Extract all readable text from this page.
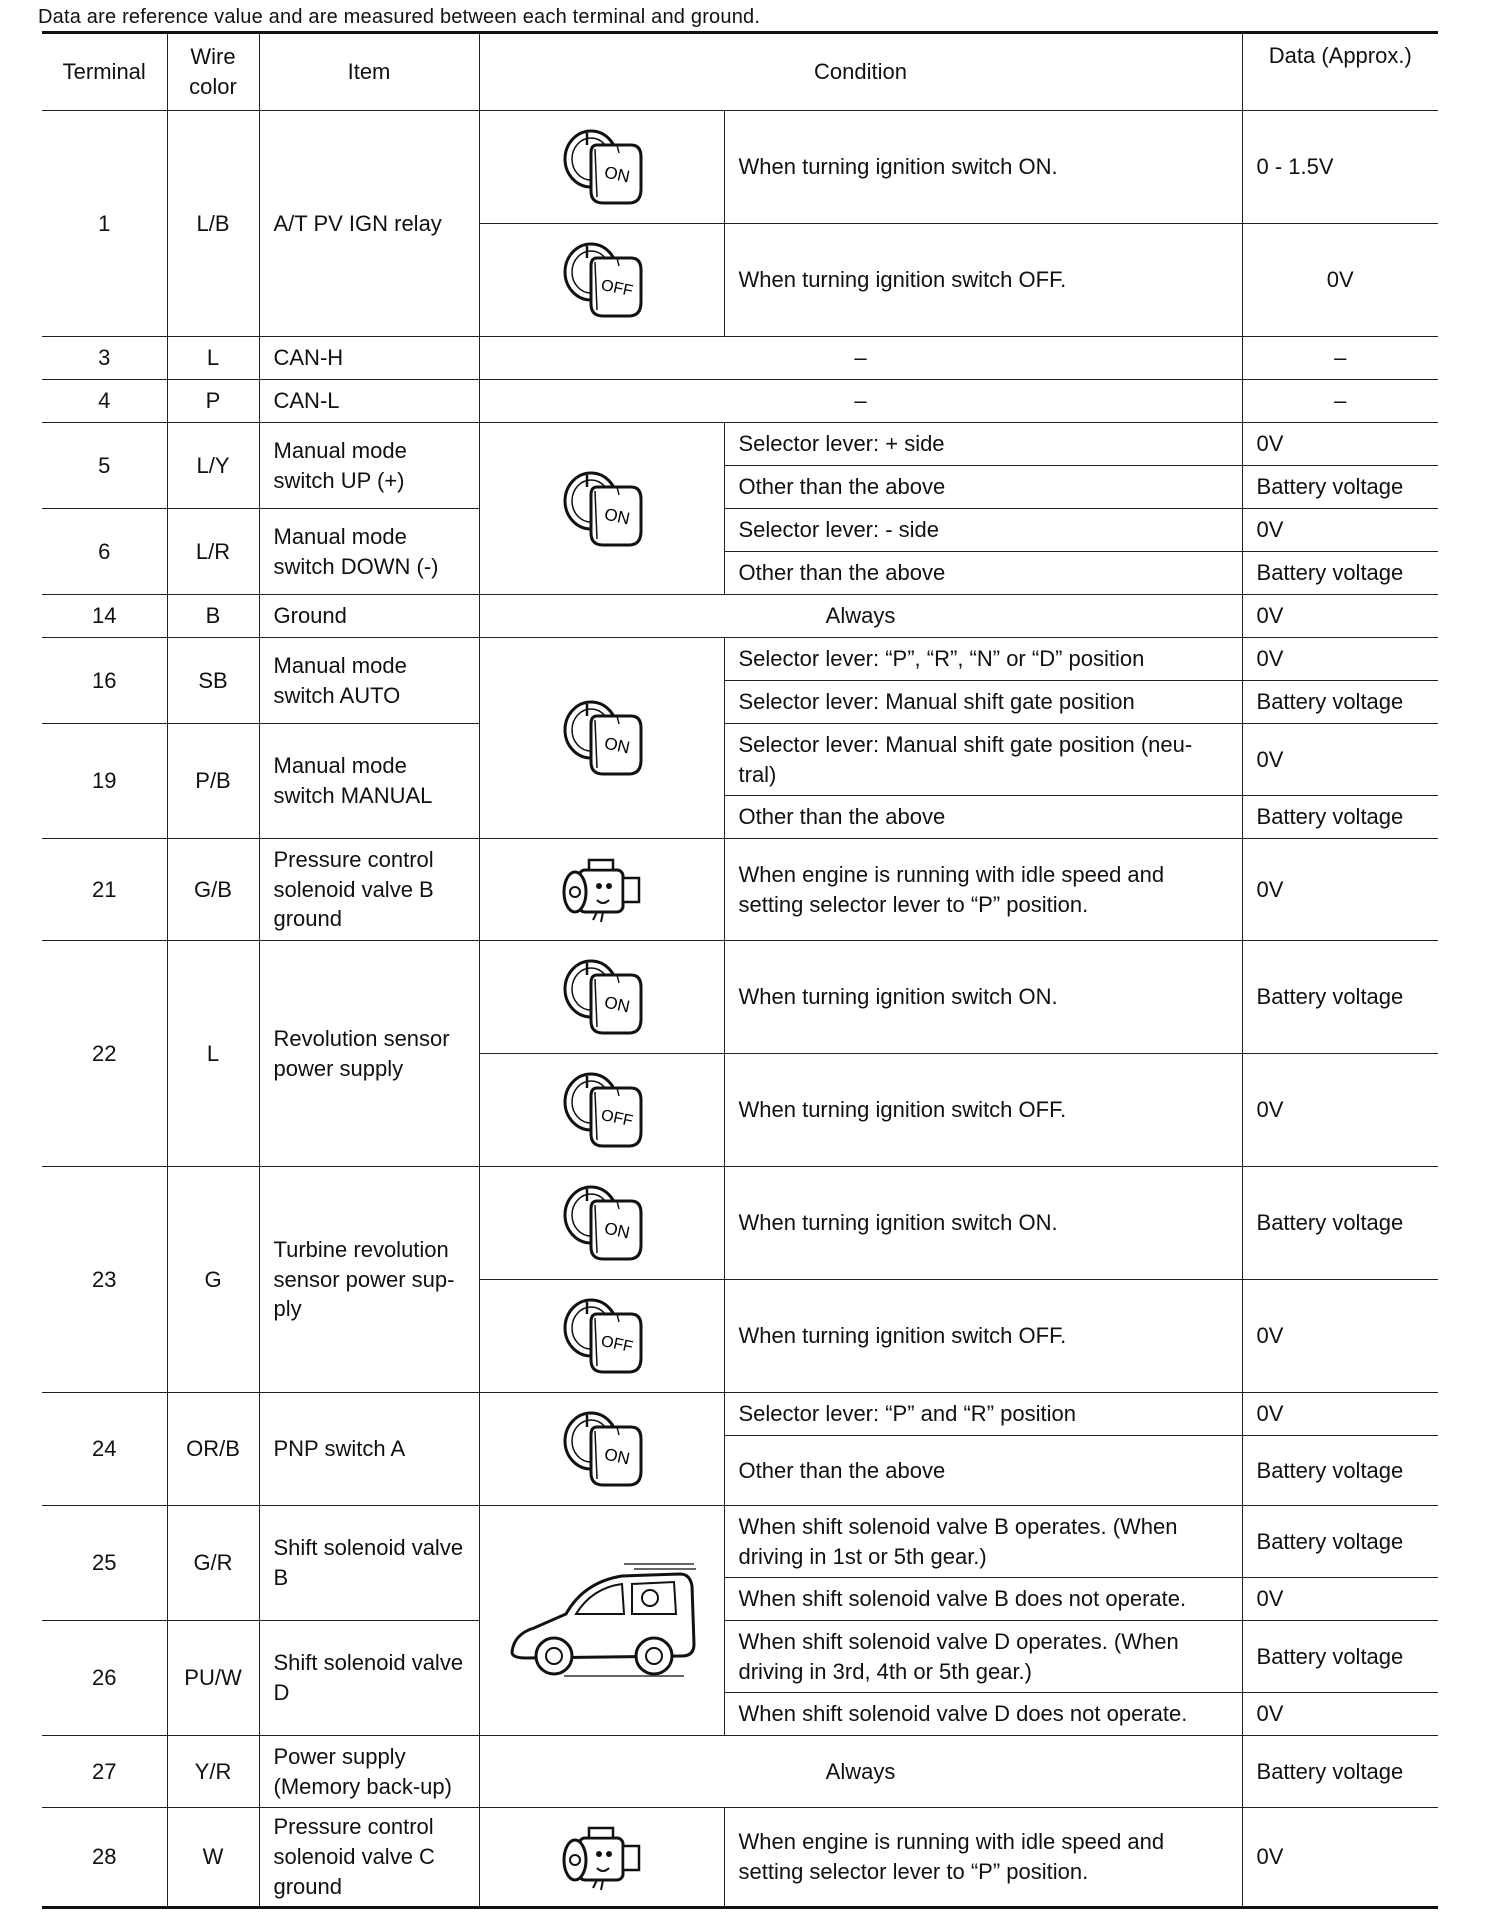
Data are reference value and are measured between each terminal and ground.
Terminal	Wire color	Item	Condition		Data (Approx.)
1	L/B	A/T PV IGN relay	ON	When turning ignition switch ON.	0 - 1.5V

OFF	When turning ignition switch OFF.	0V
3	L	CAN-H	–		–
4	P	CAN-L	–		–
5	L/Y	Manual mode switch UP (+)	ON	Selector lever: + side	0V
				Other than the above	Battery voltage
6	L/R	Manual mode switch DOWN (-)		Selector lever: - side	0V
				Other than the above	Battery voltage
14	B	Ground	Always		0V
16	SB	Manual mode switch AUTO	ON	Selector lever: “P”, “R”, “N” or “D” position	0V
				Selector lever: Manual shift gate position	Battery voltage
19	P/B	Manual mode switch MANUAL		Selector lever: Manual shift gate position (neu-tral)	0V
				Other than the above	Battery voltage
21	G/B	Pressure control solenoid valve B ground		When engine is running with idle speed and setting selector lever to “P” position.	0V
22	L	Revolution sensor power supply	ON	When turning ignition switch ON.	Battery voltage

OFF	When turning ignition switch OFF.	0V
23	G	Turbine revolution sensor power sup-ply	ON	When turning ignition switch ON.	Battery voltage

OFF	When turning ignition switch OFF.	0V
24	OR/B	PNP switch A	ON	Selector lever: “P” and “R” position	0V
				Other than the above	Battery voltage
25	G/R	Shift solenoid valve B		When shift solenoid valve B operates. (When driving in 1st or 5th gear.)	Battery voltage
				When shift solenoid valve B does not operate.	0V
26	PU/W	Shift solenoid valve D		When shift solenoid valve D operates. (When driving in 3rd, 4th or 5th gear.)	Battery voltage
				When shift solenoid valve D does not operate.	0V
27	Y/R	Power supply (Memory back-up)	Always		Battery voltage
28	W	Pressure control solenoid valve C ground		When engine is running with idle speed and setting selector lever to “P” position.	0V
